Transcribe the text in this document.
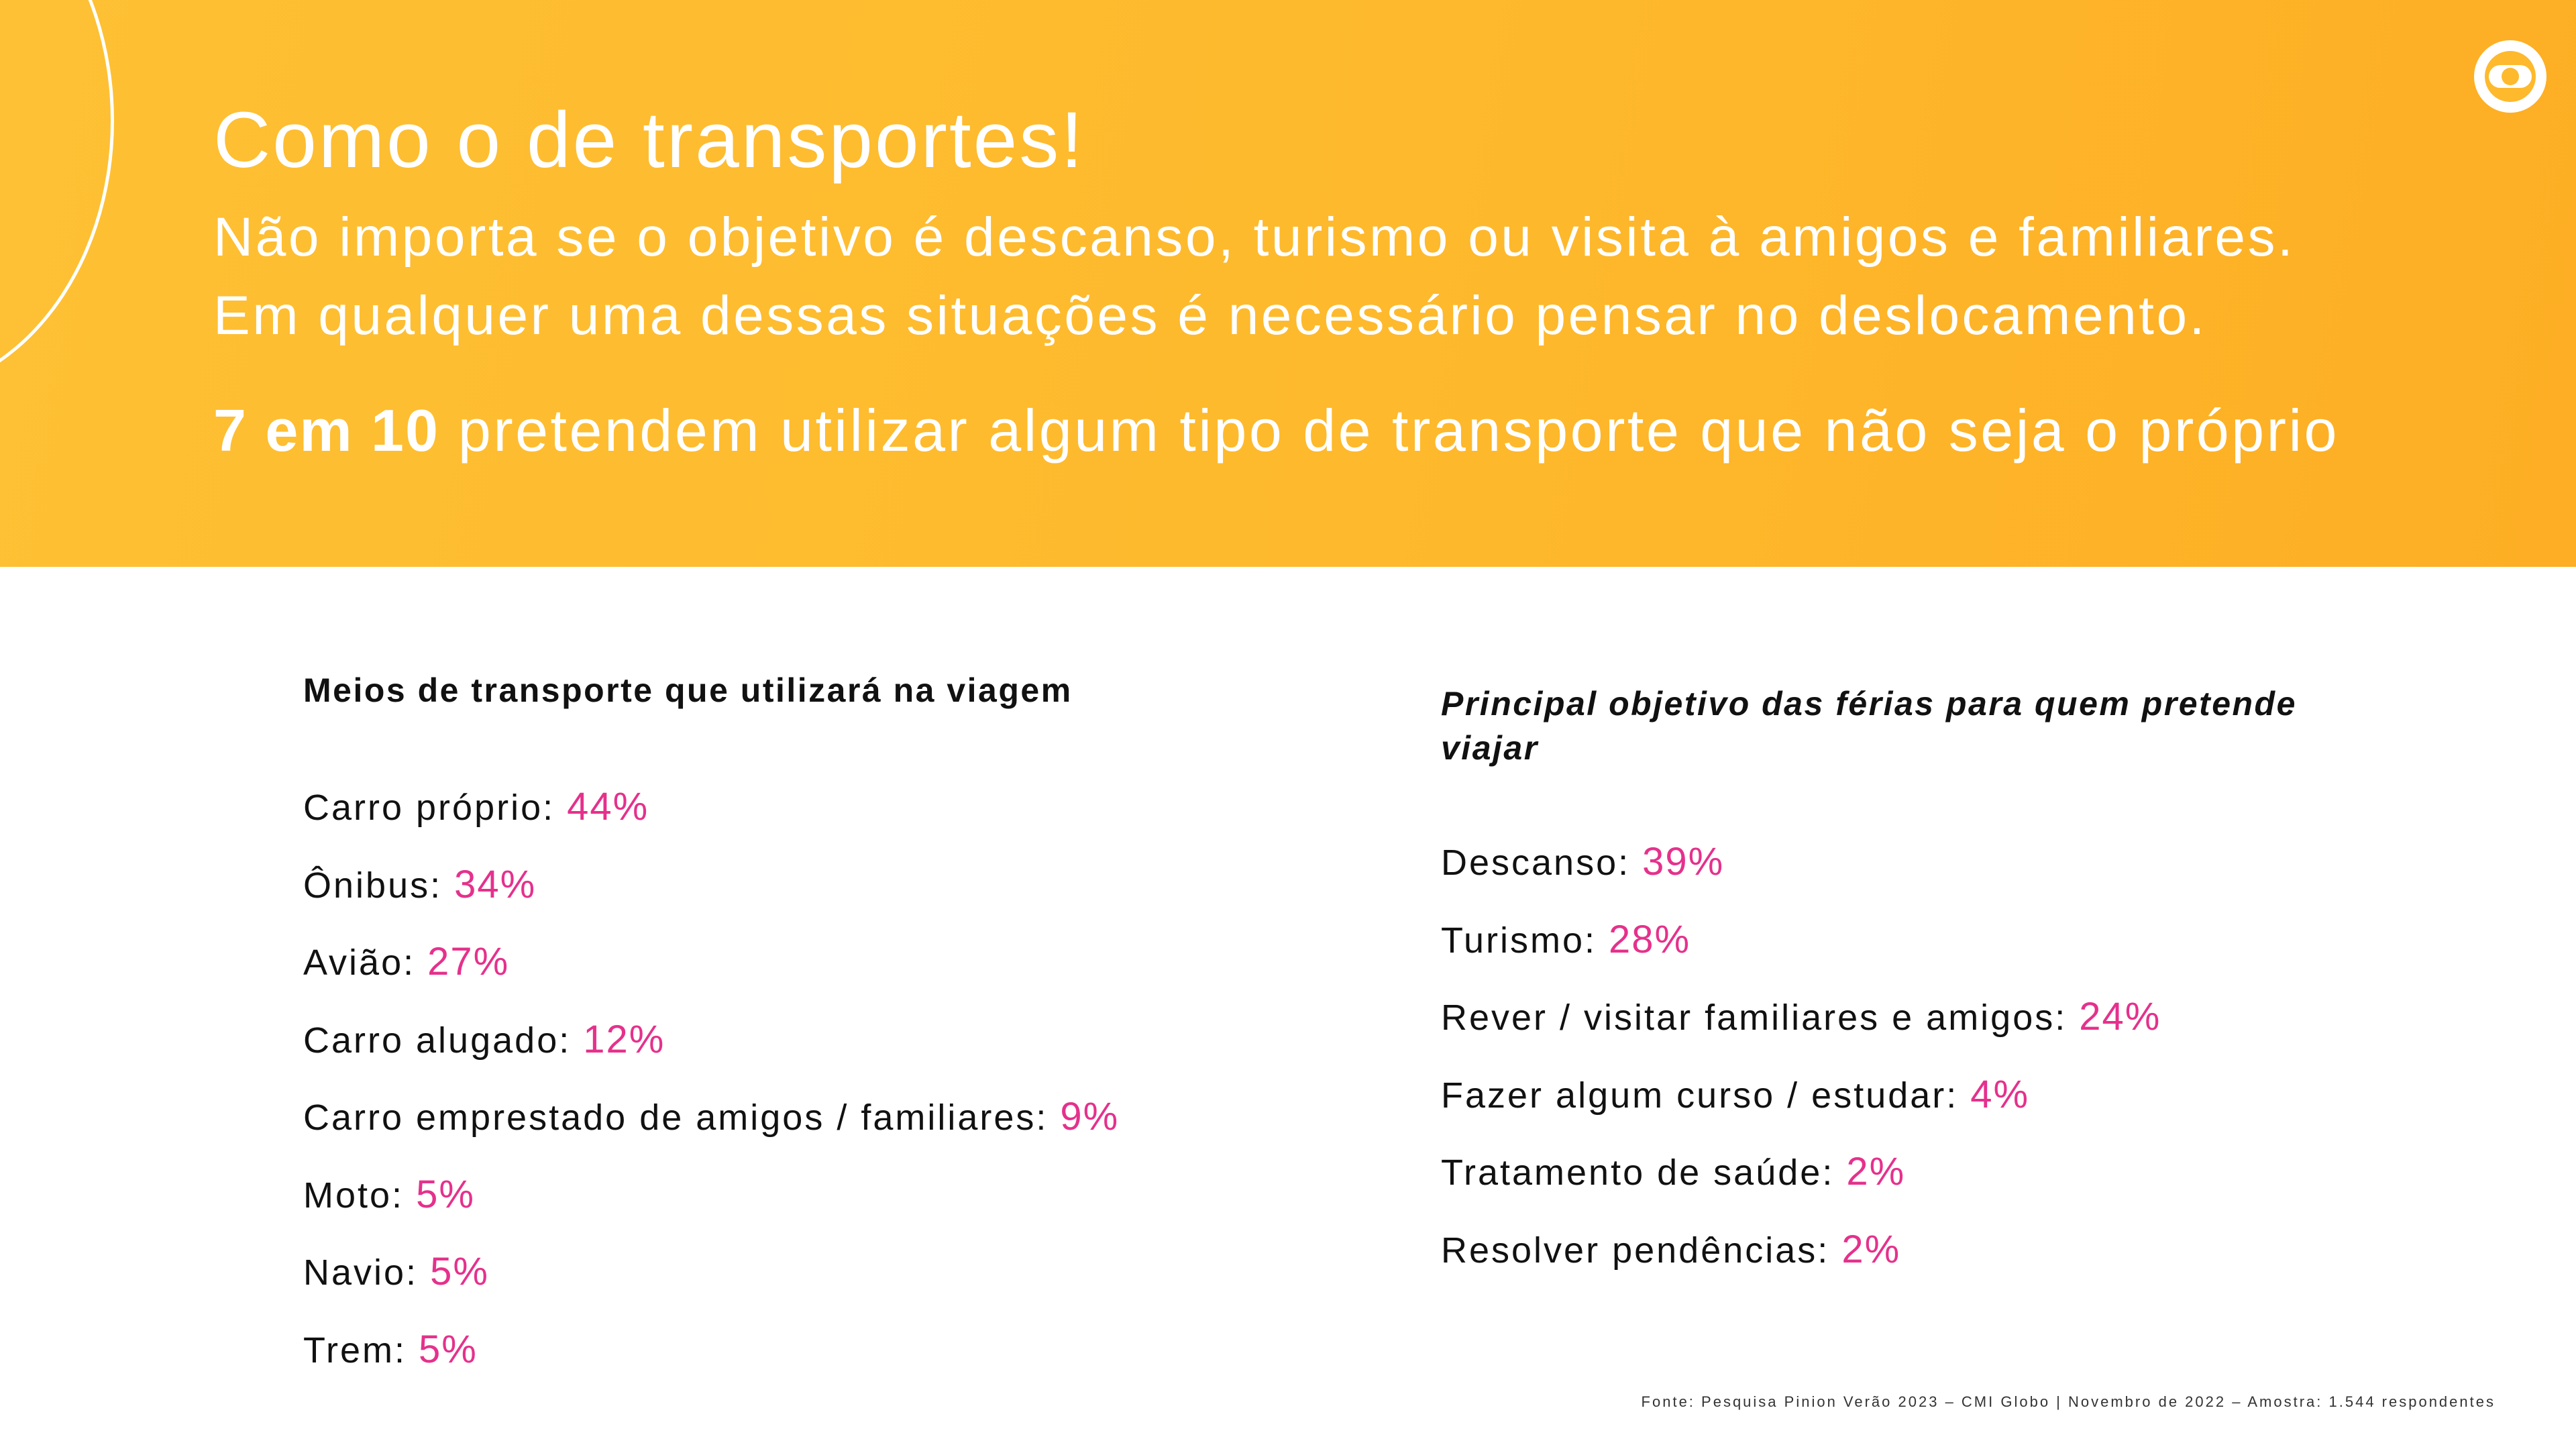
Como o de transportes!
Não importa se o objetivo é descanso, turismo ou visita à amigos e familiares.
Em qualquer uma dessas situações é necessário pensar no deslocamento.
7 em 10 pretendem utilizar algum tipo de transporte que não seja o próprio
Meios de transporte que utilizará na viagem
Carro próprio: 44%
Ônibus: 34%
Avião: 27%
Carro alugado: 12%
Carro emprestado de amigos / familiares: 9%
Moto: 5%
Navio: 5%
Trem: 5%
Principal objetivo das férias para quem pretende viajar
Descanso: 39%
Turismo: 28%
Rever / visitar familiares e amigos: 24%
Fazer algum curso / estudar: 4%
Tratamento de saúde: 2%
Resolver pendências: 2%
Fonte: Pesquisa Pinion Verão 2023 – CMI Globo | Novembro de 2022 – Amostra: 1.544 respondentes
